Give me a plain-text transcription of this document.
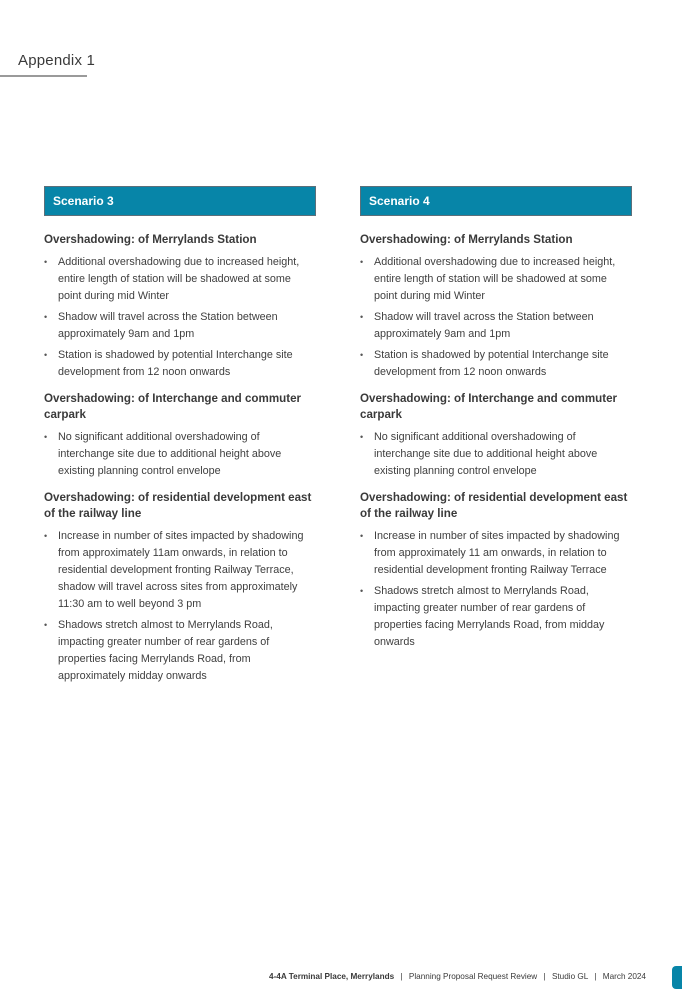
Appendix 1
Scenario 3
Overshadowing: of Merrylands Station
• Additional overshadowing due to increased height, entire length of station will be shadowed at some point during mid Winter
• Shadow will travel across the Station between approximately 9am and 1pm
• Station is shadowed by potential Interchange site development from 12 noon onwards
Overshadowing: of Interchange and commuter carpark
• No significant additional overshadowing of interchange site due to additional height above existing planning control envelope
Overshadowing: of residential development east of the railway line
• Increase in number of sites impacted by shadowing from approximately 11am onwards, in relation to residential development fronting Railway Terrace, shadow will travel across sites from approximately 11:30 am to well beyond 3 pm
• Shadows stretch almost to Merrylands Road, impacting greater number of rear gardens of properties facing Merrylands Road, from approximately midday onwards
Scenario 4
Overshadowing: of Merrylands Station
• Additional overshadowing due to increased height, entire length of station will be shadowed at some point during mid Winter
• Shadow will travel across the Station between approximately 9am and 1pm
• Station is shadowed by potential Interchange site development from 12 noon onwards
Overshadowing: of Interchange and commuter carpark
• No significant additional overshadowing of interchange site due to additional height above existing planning control envelope
Overshadowing: of residential development east of the railway line
• Increase in number of sites impacted by shadowing from approximately 11 am onwards, in relation to residential development fronting Railway Terrace
• Shadows stretch almost to Merrylands Road, impacting greater number of rear gardens of properties facing Merrylands Road, from midday onwards
4-4A Terminal Place, Merrylands | Planning Proposal Request Review | Studio GL | March 2024
